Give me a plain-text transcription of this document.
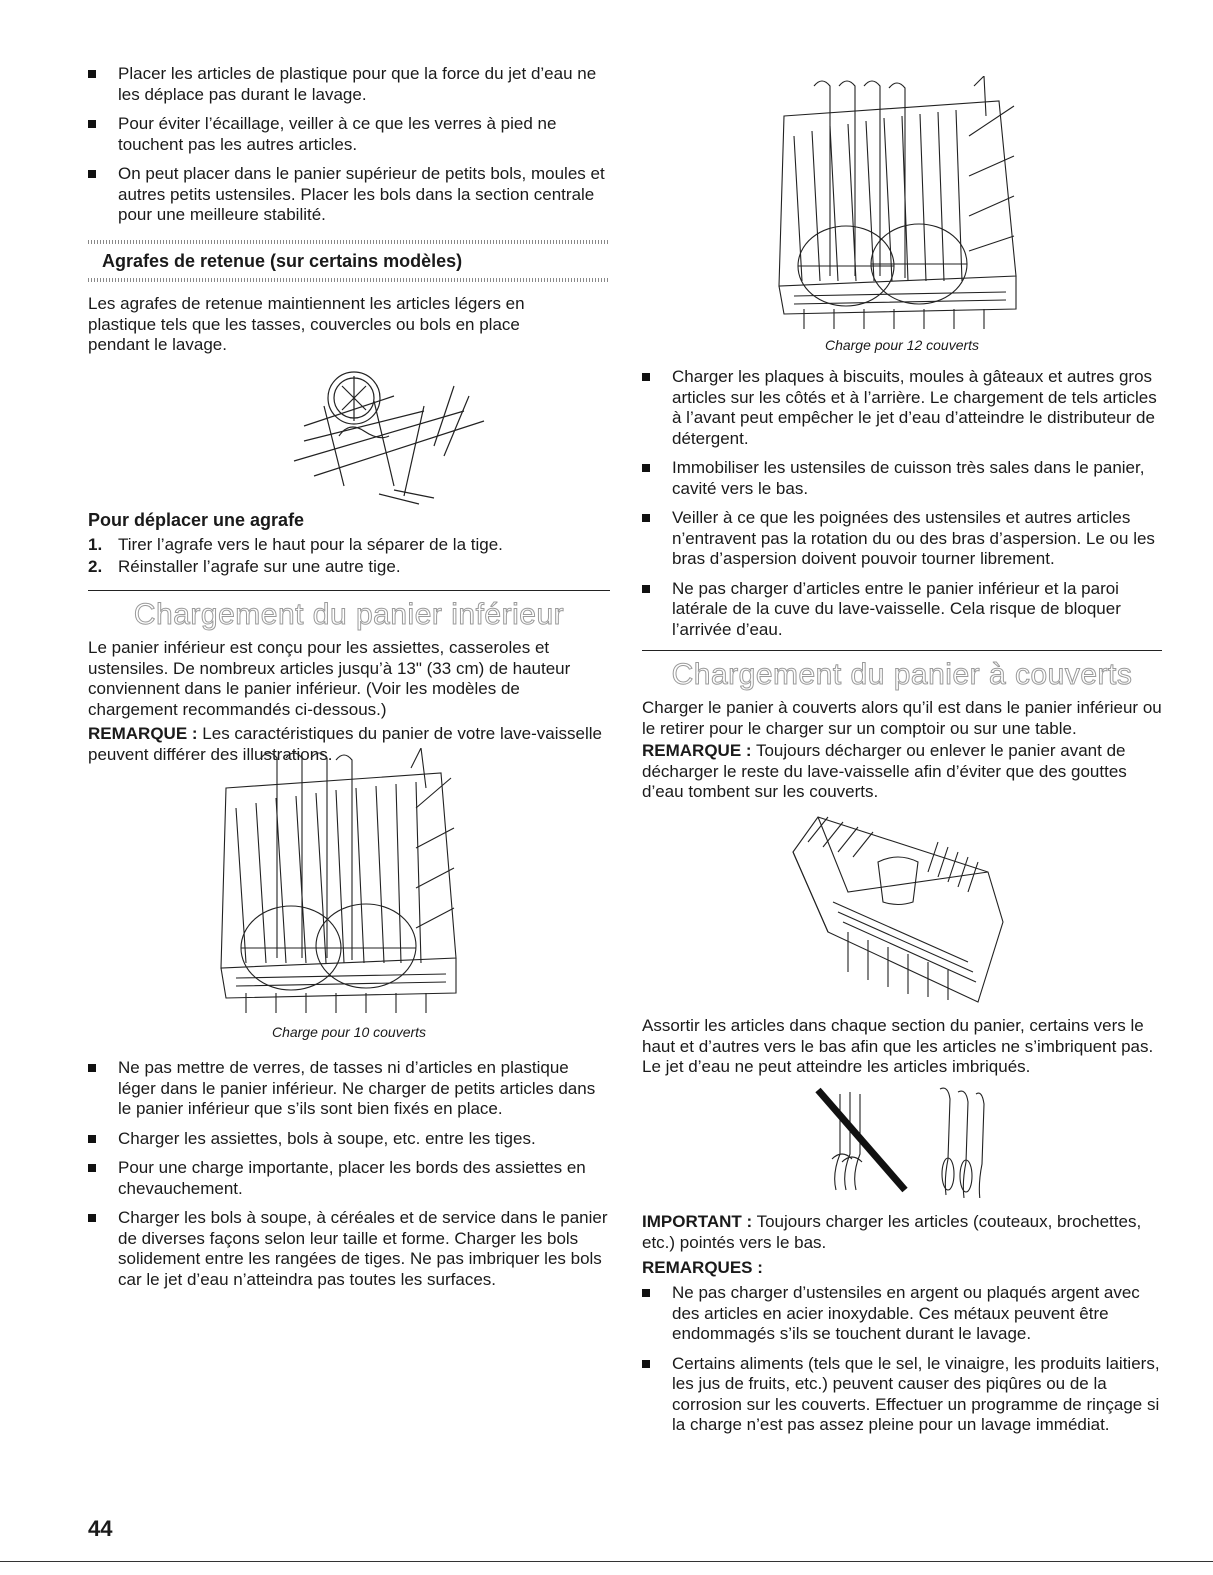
Placer les articles de plastique pour que la force du jet d’eau ne les déplace pas durant le lavage.
Pour éviter l’écaillage, veiller à ce que les verres à pied ne touchent pas les autres articles.
On peut placer dans le panier supérieur de petits bols, moules et autres petits ustensiles. Placer les bols dans la section centrale pour une meilleure stabilité.
Agrafes de retenue (sur certains modèles)

Les agrafes de retenue maintiennent les articles légers en plastique tels que les tasses, couvercles ou bols en place pendant le lavage.

Pour déplacer une agrafe
1. Tirer l’agrafe vers le haut pour la séparer de la tige.
2. Réinstaller l’agrafe sur une autre tige.
Chargement du panier inférieur

Le panier inférieur est conçu pour les assiettes, casseroles et ustensiles. De nombreux articles jusqu’à 13" (33 cm) de hauteur conviennent dans le panier inférieur. (Voir les modèles de chargement recommandés ci-dessous.)

REMARQUE : Les caractéristiques du panier de votre lave-vaisselle peuvent différer des illustrations.

Charge pour 10 couverts
Ne pas mettre de verres, de tasses ni d’articles en plastique léger dans le panier inférieur. Ne charger de petits articles dans le panier inférieur que s’ils sont bien fixés en place.
Charger les assiettes, bols à soupe, etc. entre les tiges.
Pour une charge importante, placer les bords des assiettes en chevauchement.
Charger les bols à soupe, à céréales et de service dans le panier de diverses façons selon leur taille et forme. Charger les bols solidement entre les rangées de tiges. Ne pas imbriquer les bols car le jet d’eau n’atteindra pas toutes les surfaces.
44
Charge pour 12 couverts
Charger les plaques à biscuits, moules à gâteaux et autres gros articles sur les côtés et à l’arrière. Le chargement de tels articles à l’avant peut empêcher le jet d’eau d’atteindre le distributeur de détergent.
Immobiliser les ustensiles de cuisson très sales dans le panier, cavité vers le bas.
Veiller à ce que les poignées des ustensiles et autres articles n’entravent pas la rotation du ou des bras d’aspersion. Le ou les bras d’aspersion doivent pouvoir tourner librement.
Ne pas charger d’articles entre le panier inférieur et la paroi latérale de la cuve du lave-vaisselle. Cela risque de bloquer l’arrivée d’eau.
Chargement du panier à couverts

Charger le panier à couverts alors qu’il est dans le panier inférieur ou le retirer pour le charger sur un comptoir ou sur une table.

REMARQUE : Toujours décharger ou enlever le panier avant de décharger le reste du lave-vaisselle afin d’éviter que des gouttes d’eau tombent sur les couverts.

Assortir les articles dans chaque section du panier, certains vers le haut et d’autres vers le bas afin que les articles ne s’imbriquent pas. Le jet d’eau ne peut atteindre les articles imbriqués.

IMPORTANT : Toujours charger les articles (couteaux, brochettes, etc.) pointés vers le bas.

REMARQUES :
Ne pas charger d’ustensiles en argent ou plaqués argent avec des articles en acier inoxydable. Ces métaux peuvent être endommagés s’ils se touchent durant le lavage.
Certains aliments (tels que le sel, le vinaigre, les produits laitiers, les jus de fruits, etc.) peuvent causer des piqûres ou de la corrosion sur les couverts. Effectuer un programme de rinçage si la charge n’est pas assez pleine pour un lavage immédiat.
